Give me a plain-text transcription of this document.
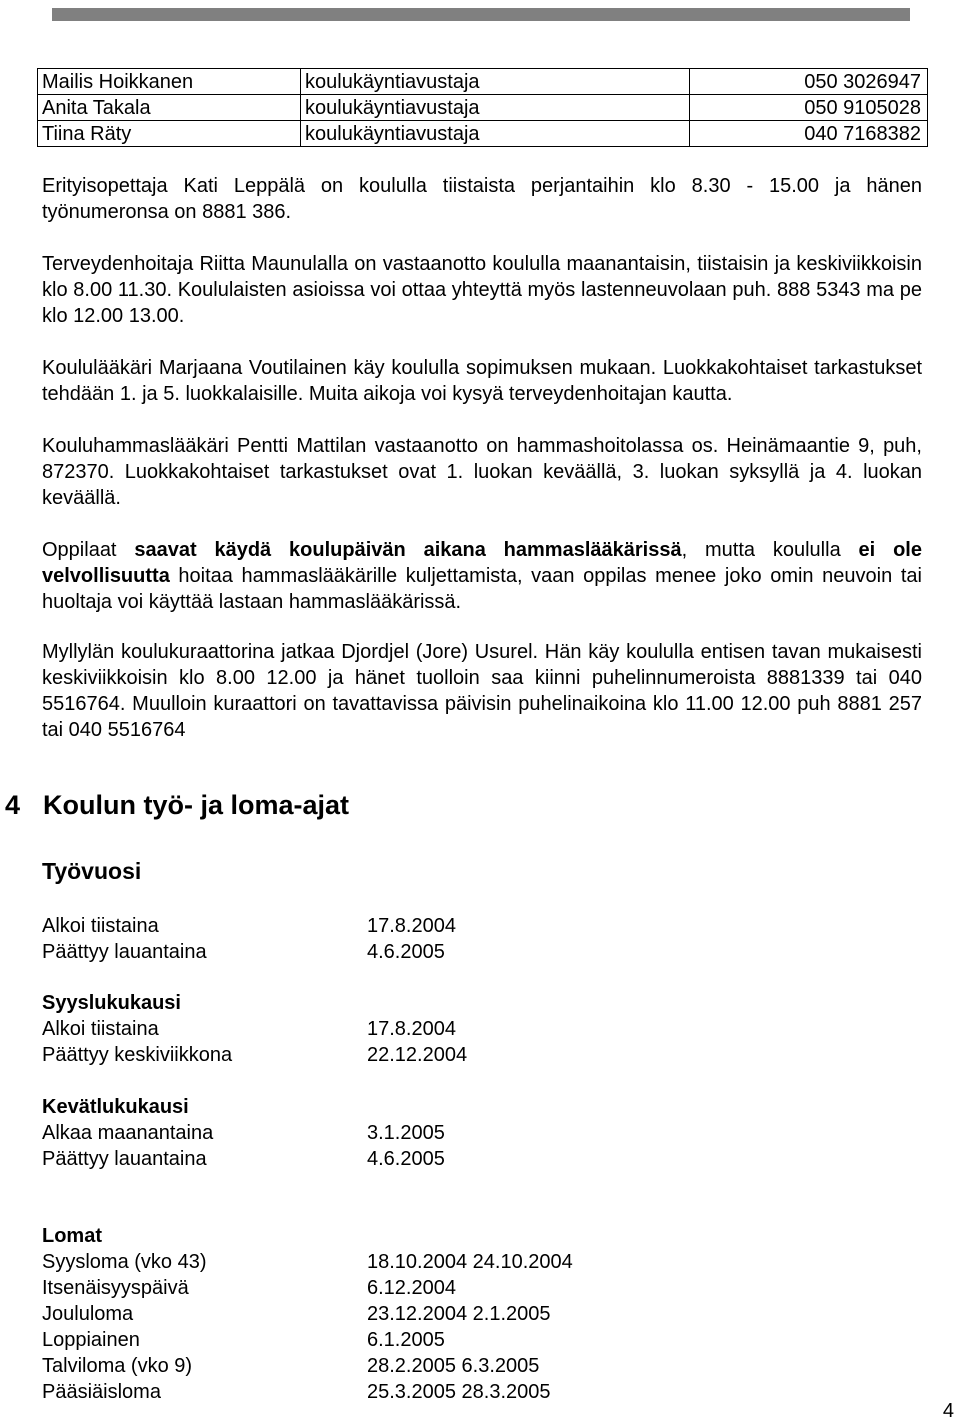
Mailis Hoikkanen	koulukäyntiavustaja	050 3026947
Anita Takala	koulukäyntiavustaja	050 9105028
Tiina Räty	koulukäyntiavustaja	040 7168382

Erityisopettaja Kati Leppälä on koululla tiistaista perjantaihin klo 8.30 - 15.00 ja hänen työnumeronsa on 8881 386.

Terveydenhoitaja Riitta Maunulalla on vastaanotto koululla maanantaisin, tiistaisin ja keskiviikkoisin klo 8.00 11.30. Koululaisten asioissa voi ottaa yhteyttä myös lastenneuvolaan puh. 888 5343 ma pe klo 12.00 13.00.

Koululääkäri Marjaana Voutilainen käy koululla sopimuksen mukaan. Luokkakohtaiset tarkastukset tehdään 1. ja 5. luokkalaisille. Muita aikoja voi kysyä terveydenhoitajan kautta.

Kouluhammaslääkäri Pentti Mattilan vastaanotto on hammashoitolassa os. Heinämaantie 9, puh, 872370. Luokkakohtaiset tarkastukset ovat 1. luokan keväällä, 3. luokan syksyllä ja 4. luokan keväällä.

Oppilaat saavat käydä koulupäivän aikana hammaslääkärissä, mutta koululla ei ole velvollisuutta hoitaa hammaslääkärille kuljettamista, vaan oppilas menee joko omin neuvoin tai huoltaja voi käyttää lastaan hammaslääkärissä.

Myllylän koulukuraattorina jatkaa Djordjel (Jore) Usurel. Hän käy koululla entisen tavan mukaisesti keskiviikkoisin klo 8.00 12.00 ja hänet tuolloin saa kiinni puhelinnumeroista 8881339 tai 040 5516764. Muulloin kuraattori on tavattavissa päivisin puhelinaikoina klo 11.00 12.00 puh 8881 257 tai 040 5516764

4 Koulun työ- ja loma-ajat
Työvuosi
Alkoi tiistaina	17.8.2004
Päättyy lauantaina	4.6.2005
Syyslukukausi
Alkoi tiistaina	17.8.2004
Päättyy keskiviikkona	22.12.2004
Kevätlukukausi
Alkaa maanantaina	3.1.2005
Päättyy lauantaina	4.6.2005
Lomat
Syysloma (vko 43)	18.10.2004 24.10.2004
Itsenäisyyspäivä	6.12.2004
Joululoma	23.12.2004 2.1.2005
Loppiainen	6.1.2005
Talviloma (vko 9)	28.2.2005 6.3.2005
Pääsiäisloma	25.3.2005 28.3.2005
4
